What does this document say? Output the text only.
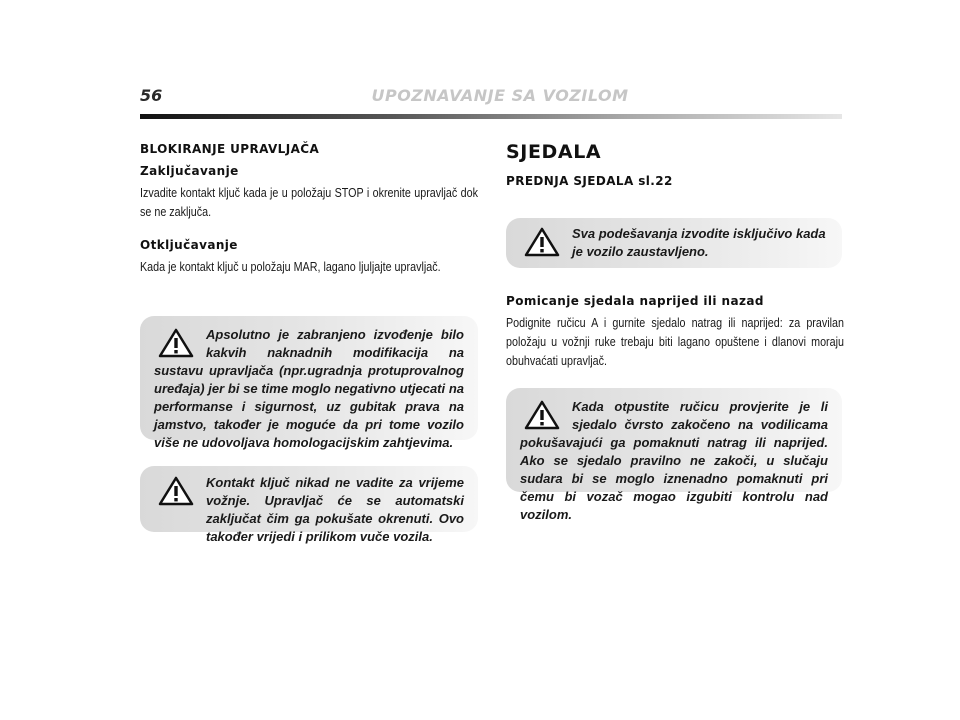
56	UPOZNAVANJE SA VOZILOM
BLOKIRANJE UPRAVLJAČA
Zaključavanje
Izvadite kontakt ključ kada je u položaju STOP i okrenite upravljač dok se ne zaključa.
Otključavanje
Kada je kontakt ključ u položaju MAR, lagano ljuljajte upravljač.
Apsolutno je zabranjeno izvođenje bilo kakvih naknadnih modifikacija na sustavu upravljača (npr.ugradnja protuprovalnog uređaja) jer bi se time moglo negativno utjecati na performanse i sigurnost, uz gubitak prava na jamstvo, također je moguće da pri tome vozilo više ne udovoljava homologacijskim zahtjevima.
Kontakt ključ nikad ne vadite za vrijeme vožnje. Upravljač će se automatski zaključat čim ga pokušate okrenuti. Ovo također vrijedi i prilikom vuče vozila.
SJEDALA
PREDNJA SJEDALA sl.22
Sva podešavanja izvodite isključivo kada je vozilo zaustavljeno.
Pomicanje sjedala naprijed ili nazad
Podignite ručicu A i gurnite sjedalo natrag ili naprijed: za pravilan položaju u vožnji ruke trebaju biti lagano opuštene i dlanovi moraju obuhvaćati upravljač.
Kada otpustite ručicu provjerite je li sjedalo čvrsto zakočeno na vodilicama pokušavajući ga pomaknuti natrag ili naprijed. Ako se sjedalo pravilno ne zakoči, u slučaju sudara bi se moglo iznenadno pomaknuti pri čemu bi vozač mogao izgubiti kontrolu nad vozilom.
